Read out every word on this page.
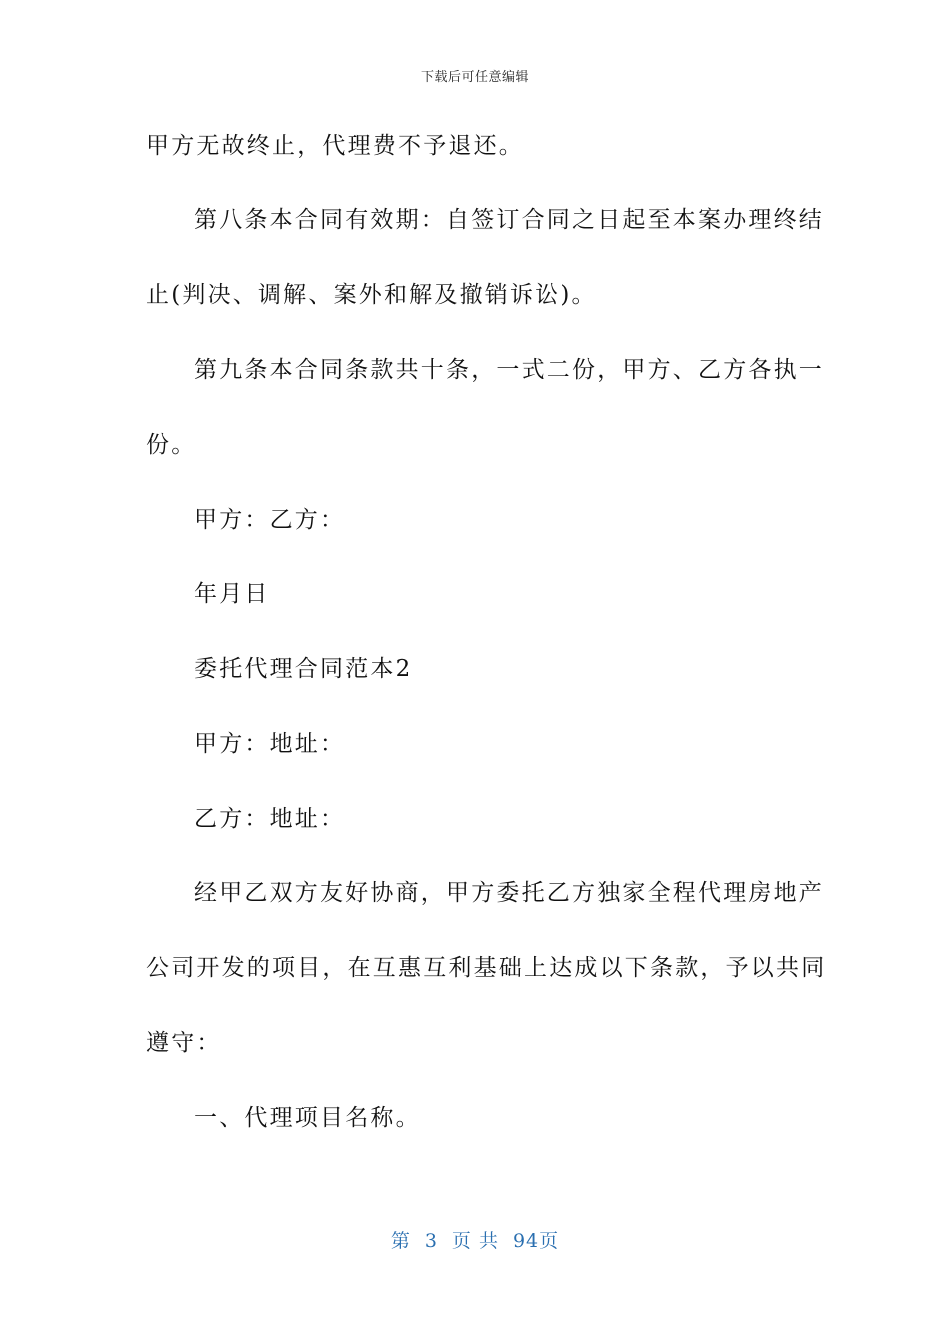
下载后可任意编辑
甲方无故终止，代理费不予退还。
第八条本合同有效期：自签订合同之日起至本案办理终结
止(判决、调解、案外和解及撤销诉讼)。
第九条本合同条款共十条，一式二份，甲方、乙方各执一
份。
甲方：乙方：
年月日
委托代理合同范本2
甲方：地址：
乙方：地址：
经甲乙双方友好协商，甲方委托乙方独家全程代理房地产
公司开发的项目，在互惠互利基础上达成以下条款，予以共同
遵守：
一、代理项目名称。
第 3 页 共 94页
